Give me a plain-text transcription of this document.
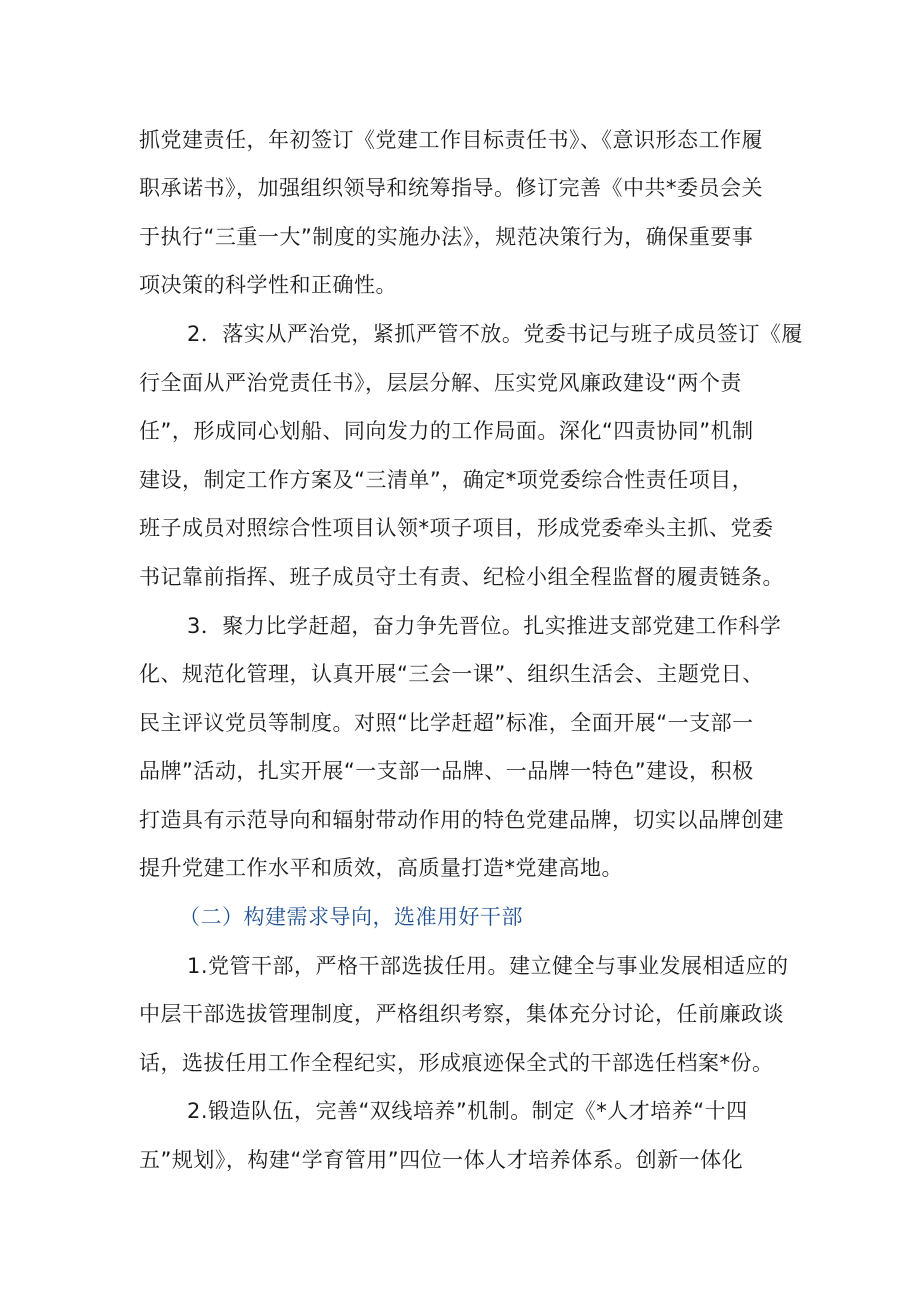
抓党建责任，年初签订《党建工作目标责任书》、《意识形态工作履
职承诺书》，加强组织领导和统筹指导。修订完善《中共*委员会关
于执行“三重一大”制度的实施办法》，规范决策行为，确保重要事
项决策的科学性和正确性。
2．落实从严治党，紧抓严管不放。党委书记与班子成员签订《履
行全面从严治党责任书》，层层分解、压实党风廉政建设“两个责
任”，形成同心划船、同向发力的工作局面。深化“四责协同”机制
建设，制定工作方案及“三清单”，确定*项党委综合性责任项目，
班子成员对照综合性项目认领*项子项目，形成党委牵头主抓、党委
书记靠前指挥、班子成员守土有责、纪检小组全程监督的履责链条。
3．聚力比学赶超，奋力争先晋位。扎实推进支部党建工作科学
化、规范化管理，认真开展“三会一课”、组织生活会、主题党日、
民主评议党员等制度。对照“比学赶超”标准，全面开展“一支部一
品牌”活动，扎实开展“一支部一品牌、一品牌一特色”建设，积极
打造具有示范导向和辐射带动作用的特色党建品牌，切实以品牌创建
提升党建工作水平和质效，高质量打造*党建高地。
（二）构建需求导向，选准用好干部
1.党管干部，严格干部选拔任用。建立健全与事业发展相适应的
中层干部选拔管理制度，严格组织考察，集体充分讨论，任前廉政谈
话，选拔任用工作全程纪实，形成痕迹保全式的干部选任档案*份。
2.锻造队伍，完善“双线培养”机制。制定《*人才培养“十四
五”规划》，构建“学育管用”四位一体人才培养体系。创新一体化
